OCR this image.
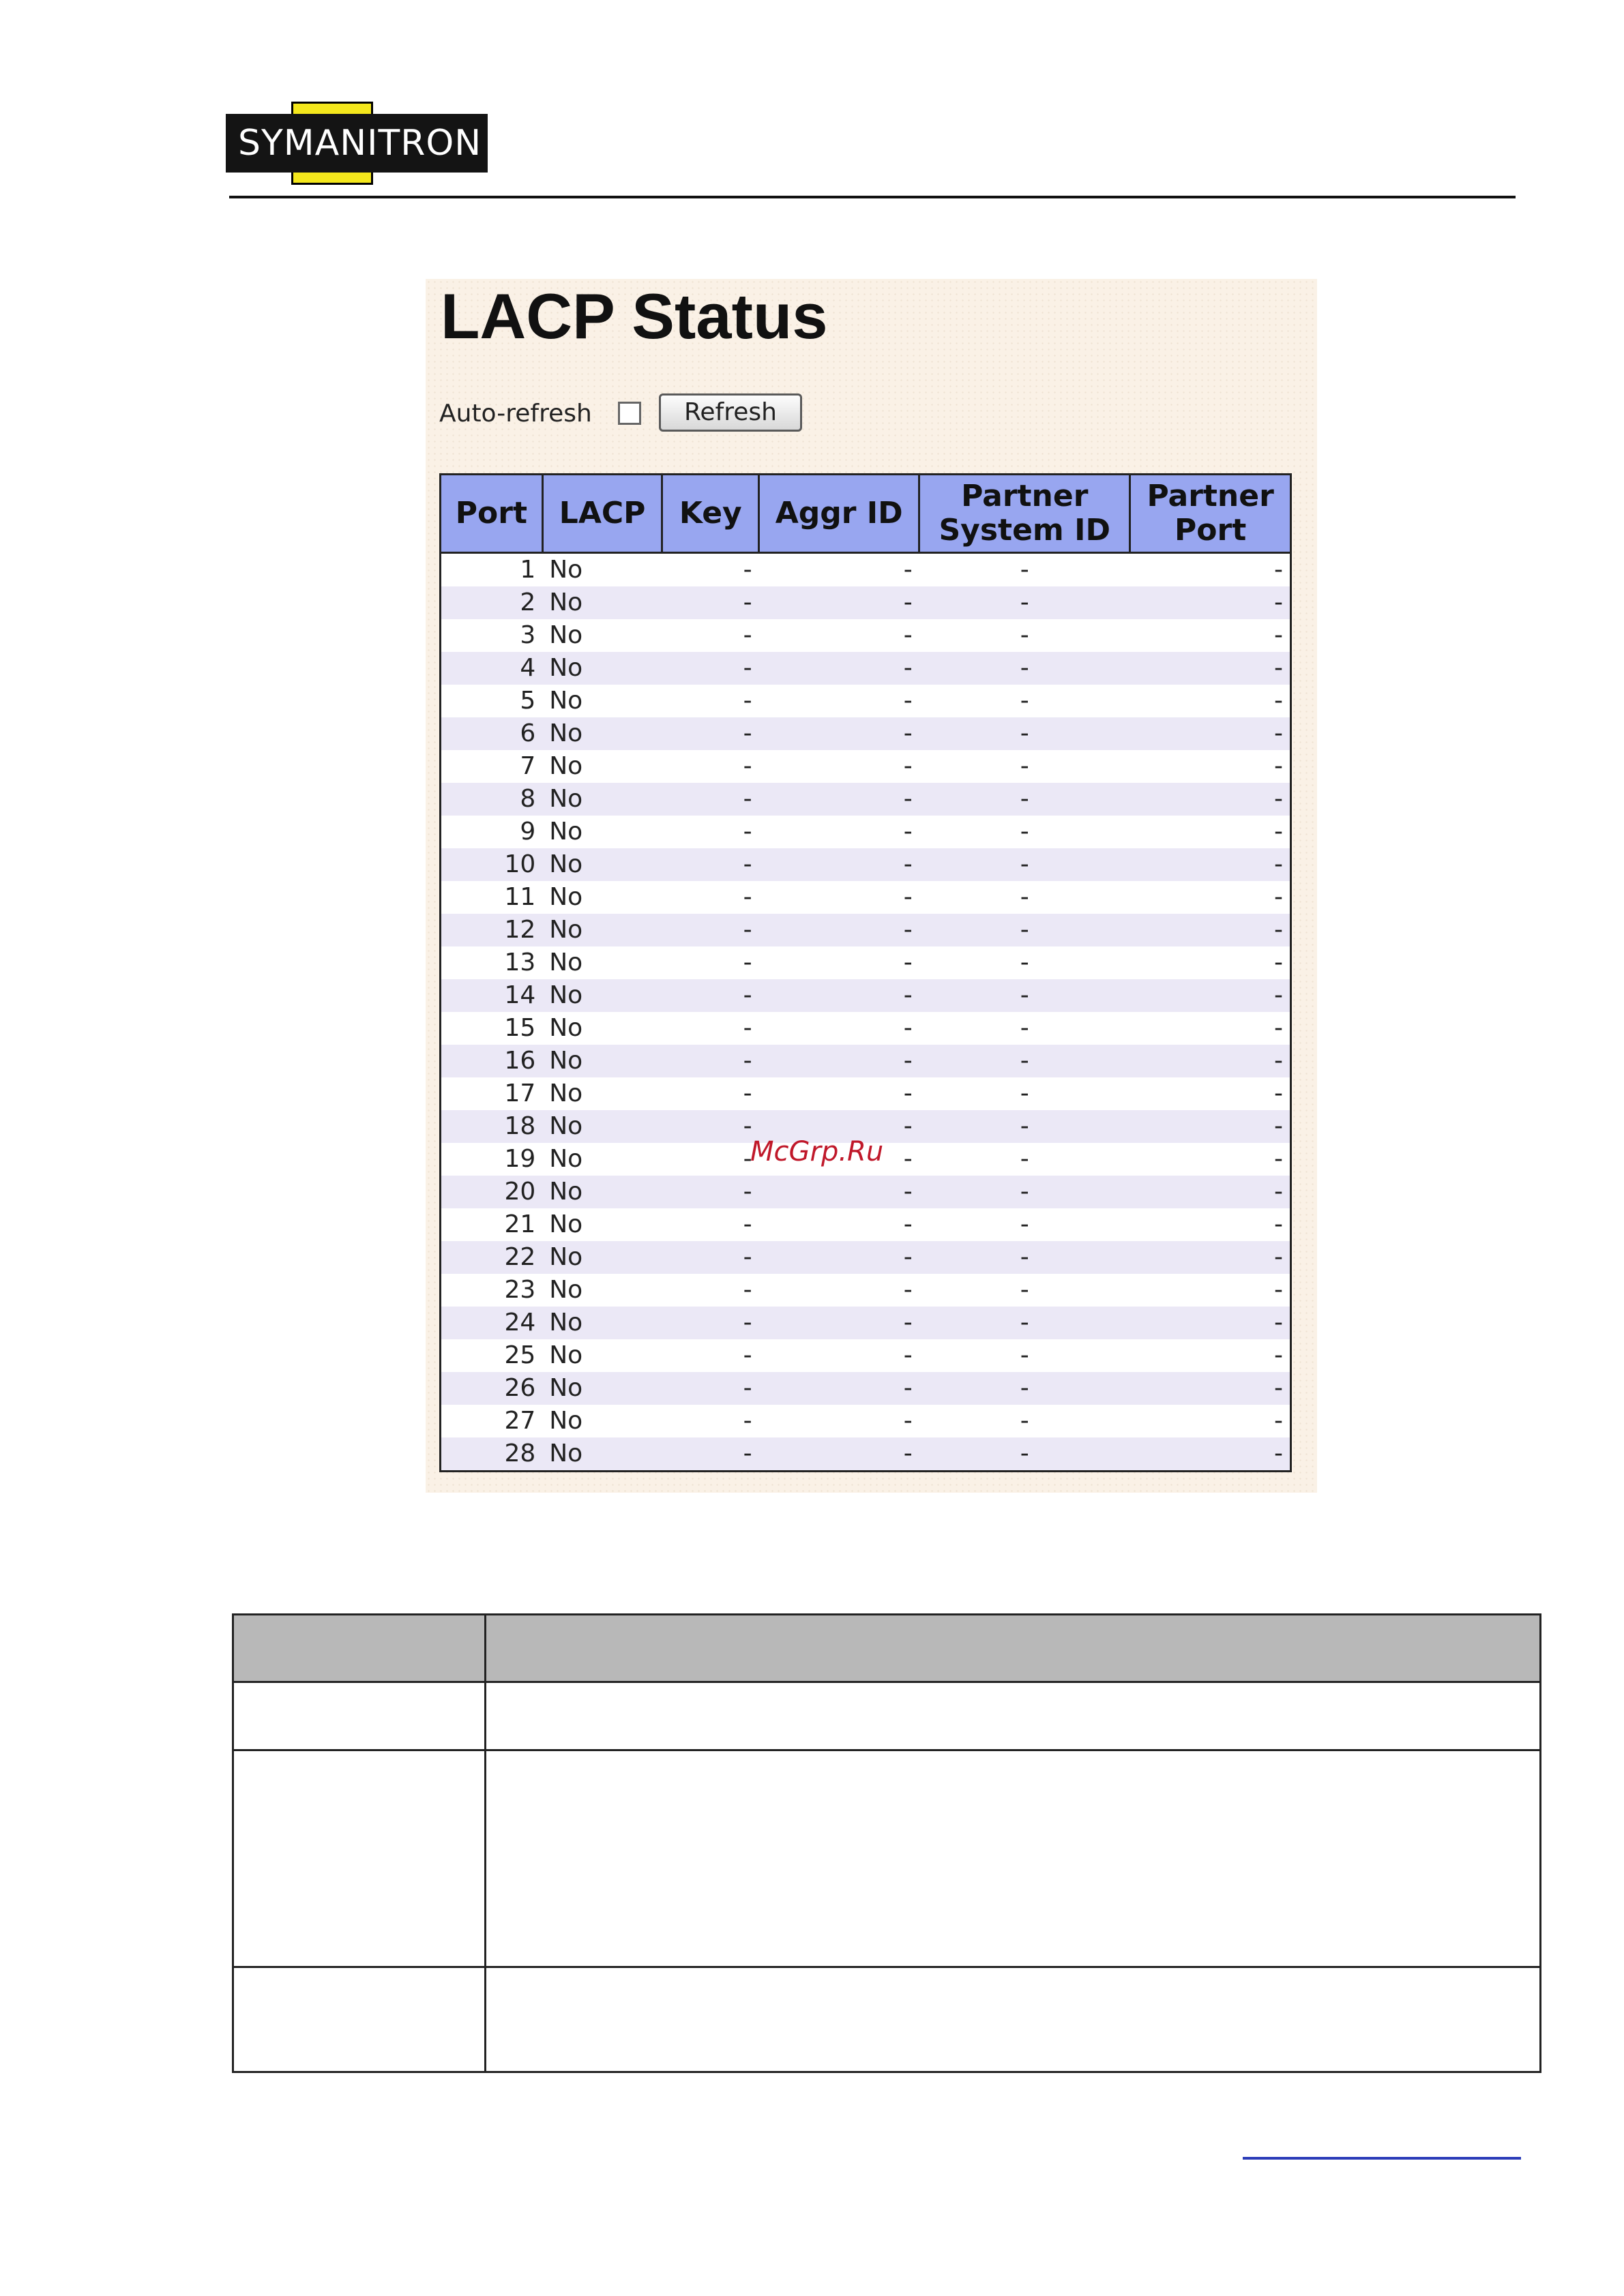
SYMANITRON
LACP Status
Auto-refresh	Refresh
Port	LACP	Key	Aggr ID	Partner System ID	Partner Port
1	No	-	-	-	-
2	No	-	-	-	-
3	No	-	-	-	-
4	No	-	-	-	-
5	No	-	-	-	-
6	No	-	-	-	-
7	No	-	-	-	-
8	No	-	-	-	-
9	No	-	-	-	-
10	No	-	-	-	-
11	No	-	-	-	-
12	No	-	-	-	-
13	No	-	-	-	-
14	No	-	-	-	-
15	No	-	-	-	-
16	No	-	-	-	-
17	No	-	-	-	-
18	No	-	-	-	-
19	No	-	-	-	-
20	No	-	-	-	-
21	No	-	-	-	-
22	No	-	-	-	-
23	No	-	-	-	-
24	No	-	-	-	-
25	No	-	-	-	-
26	No	-	-	-	-
27	No	-	-	-	-
28	No	-	-	-	-
McGrp.Ru
